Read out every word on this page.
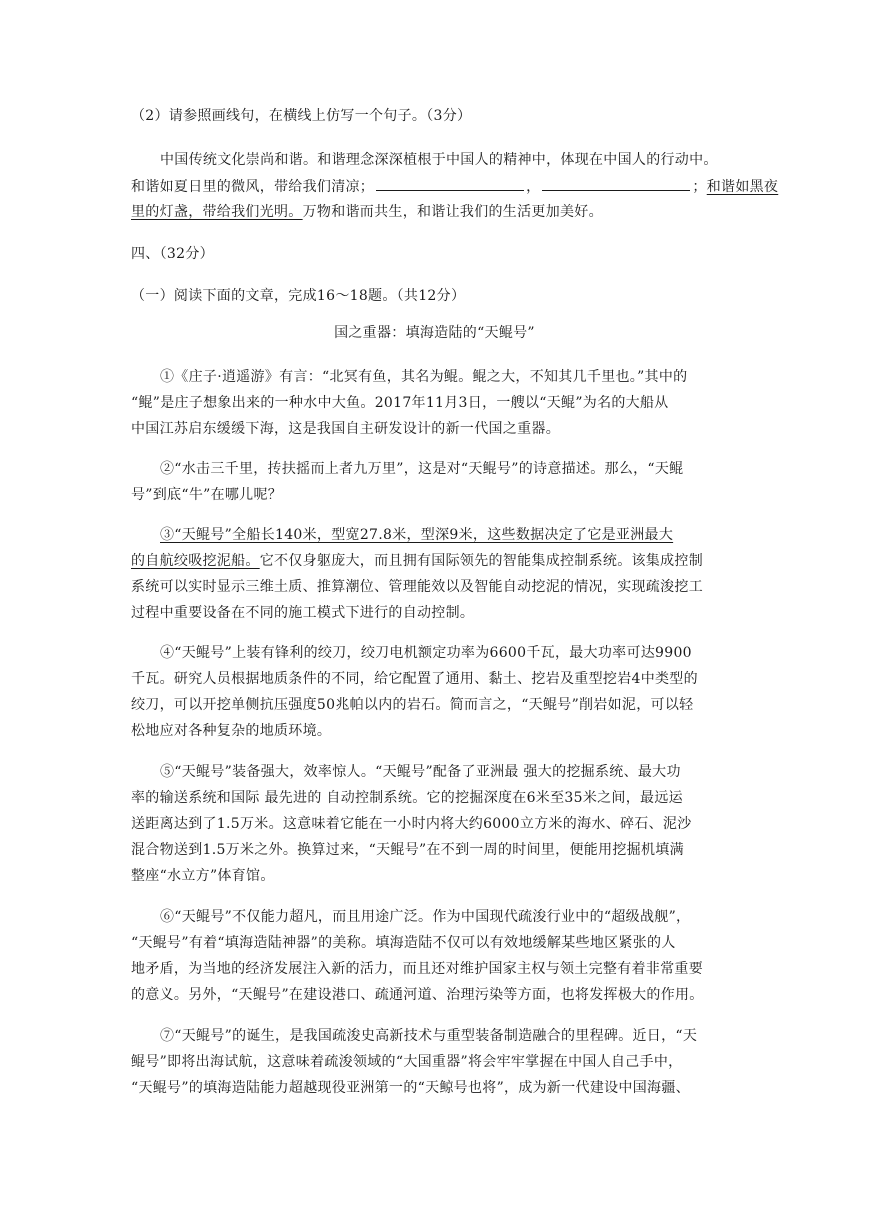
（2）请参照画线句，在横线上仿写一个句子。（3分）
中国传统文化崇尚和谐。和谐理念深深植根于中国人的精神中，体现在中国人的行动中。
和谐如夏日里的微风，带给我们清凉；	，	；和谐如黑夜
里的灯盏，带给我们光明。万物和谐而共生，和谐让我们的生活更加美好。
四、（32分）
（一）阅读下面的文章，完成16～18题。（共12分）
国之重器：填海造陆的“天鲲号”
①《庄子·逍遥游》有言：“北冥有鱼，其名为鲲。鲲之大，不知其几千里也。”其中的
“鲲”是庄子想象出来的一种水中大鱼。2017年11月3日，一艘以“天鲲”为名的大船从
中国江苏启东缓缓下海，这是我国自主研发设计的新一代国之重器。
②“水击三千里，抟扶摇而上者九万里”，这是对“天鲲号”的诗意描述。那么，“天鲲
号”到底“牛”在哪儿呢？
③“天鲲号”全船长140米，型宽27.8米，型深9米，这些数据决定了它是亚洲最大
的自航绞吸挖泥船。它不仅身躯庞大，而且拥有国际领先的智能集成控制系统。该集成控制
系统可以实时显示三维土质、推算潮位、管理能效以及智能自动挖泥的情况，实现疏浚挖工
过程中重要设备在不同的施工模式下进行的自动控制。
④“天鲲号”上装有锋利的绞刀，绞刀电机额定功率为6600千瓦，最大功率可达9900
千瓦。研究人员根据地质条件的不同，给它配置了通用、黏土、挖岩及重型挖岩4中类型的
绞刀，可以开挖单侧抗压强度50兆帕以内的岩石。简而言之，“天鲲号”削岩如泥，可以轻
松地应对各种复杂的地质环境。
⑤“天鲲号”装备强大，效率惊人。“天鲲号”配备了亚洲最 强大的挖掘系统、最大功
率的输送系统和国际 最先进的 自动控制系统。它的挖掘深度在6米至35米之间，最远运
送距离达到了1.5万米。这意味着它能在一小时内将大约6000立方米的海水、碎石、泥沙
混合物送到1.5万米之外。换算过来，“天鲲号”在不到一周的时间里，便能用挖掘机填满
整座“水立方”体育馆。
⑥“天鲲号”不仅能力超凡，而且用途广泛。作为中国现代疏浚行业中的“超级战舰”，
“天鲲号”有着“填海造陆神器”的美称。填海造陆不仅可以有效地缓解某些地区紧张的人
地矛盾，为当地的经济发展注入新的活力，而且还对维护国家主权与领土完整有着非常重要
的意义。另外，“天鲲号”在建设港口、疏通河道、治理污染等方面，也将发挥极大的作用。
⑦“天鲲号”的诞生，是我国疏浚史高新技术与重型装备制造融合的里程碑。近日，“天
鲲号”即将出海试航，这意味着疏浚领域的“大国重器”将会牢牢掌握在中国人自己手中，
“天鲲号”的填海造陆能力超越现役亚洲第一的“天鲸号也将”，成为新一代建设中国海疆、
